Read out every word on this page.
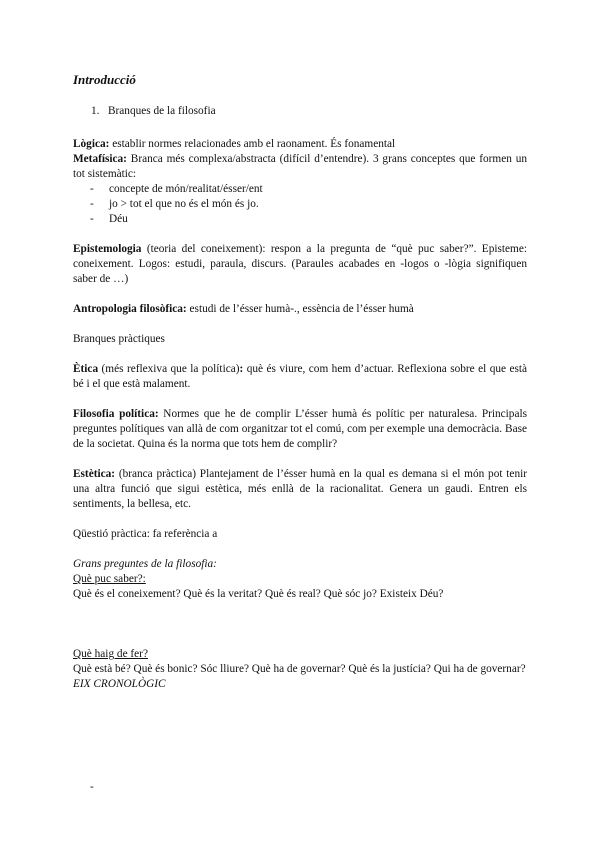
Introducció
1. Branques de la filosofia

Lògica: establir normes relacionades amb el raonament. És fonamental

Metafísica: Branca més complexa/abstracta (difícil d’entendre). 3 grans conceptes que formen un tot sistemàtic:

-	concepte de món/realitat/ésser/ent
-	jo > tot el que no és el món és jo.
-	Déu

Epistemologia (teoria del coneixement): respon a la pregunta de “què puc saber?”. Episteme: coneixement. Logos: estudi, paraula, discurs. (Paraules acabades en -logos o -lògia signifiquen saber de …)

Antropologia filosòfica: estudi de l’ésser humà-., essència de l’ésser humà

Branques pràctiques

Ètica (més reflexiva que la política): què és viure, com hem d’actuar. Reflexiona sobre el que està bé i el que està malament.

Filosofia política: Normes que he de complir L’ésser humà és polític per naturalesa. Principals preguntes polítiques van allà de com organitzar tot el comú, com per exemple una democràcia. Base de la societat. Quina és la norma que tots hem de complir?

Estètica: (branca pràctica) Plantejament de l’ésser humà en la qual es demana si el món pot tenir una altra funció que sigui estètica, més enllà de la racionalitat. Genera un gaudi. Entren els sentiments, la bellesa, etc.

Qüestió pràctica: fa referència a

Grans preguntes de la filosofia:

Què puc saber?:

Què és el coneixement? Què és la veritat? Què és real? Què sóc jo? Existeix Déu?

Què haig de fer?

Què està bé? Què és bonic? Sóc lliure? Què ha de governar? Què és la justícia? Qui ha de governar?

EIX CRONOLÒGIC

-
